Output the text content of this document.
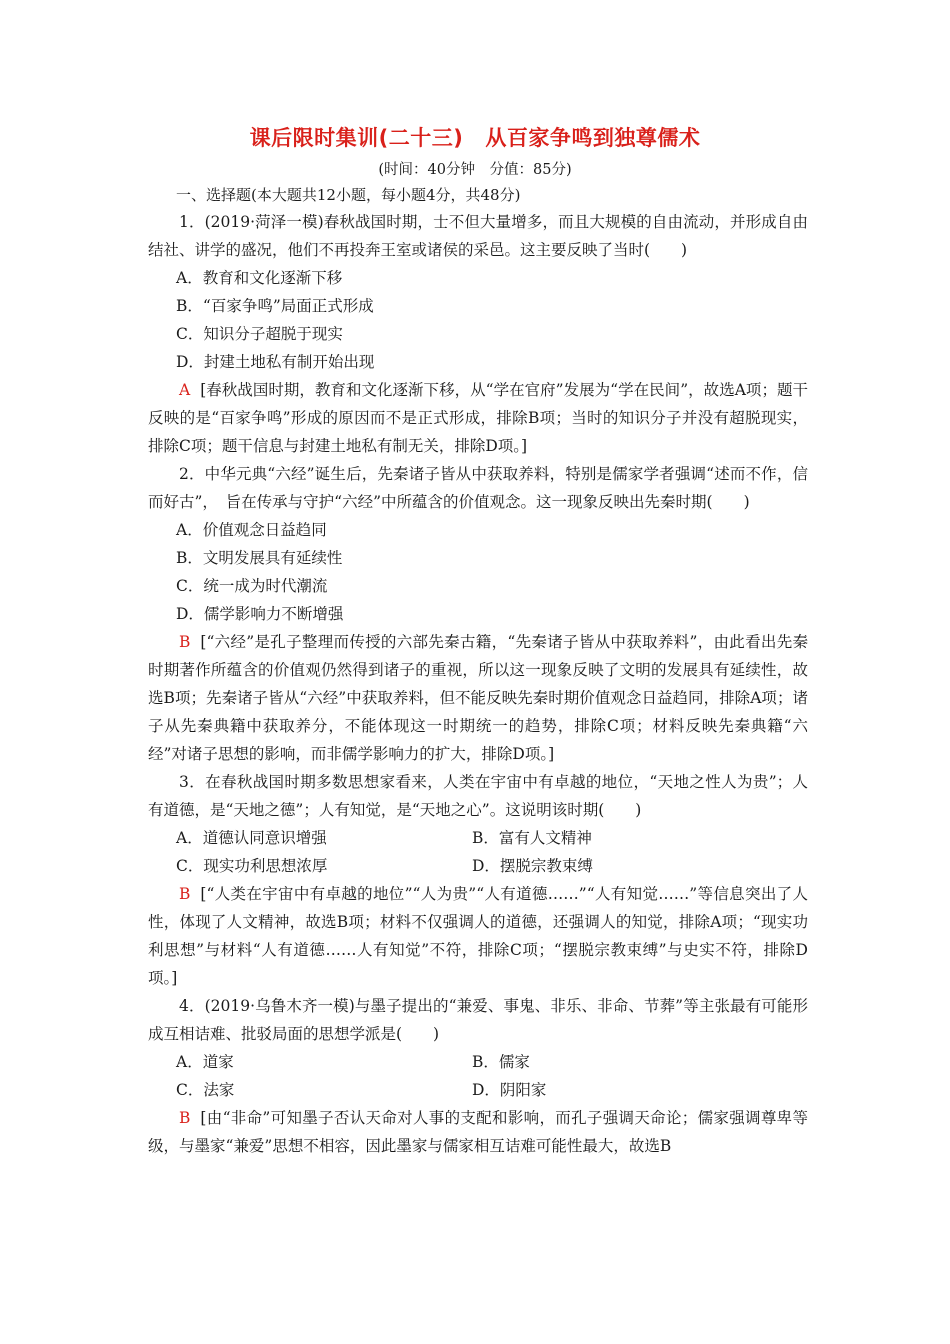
课后限时集训(二十三) 从百家争鸣到独尊儒术
(时间：40分钟　分值：85分)
一、选择题(本大题共12小题，每小题4分，共48分)

1．(2019·菏泽一模)春秋战国时期，士不但大量增多，而且大规模的自由流动，并形成自由结社、讲学的盛况，他们不再投奔王室或诸侯的采邑。这主要反映了当时(　　)

A．教育和文化逐渐下移

B．“百家争鸣”局面正式形成

C．知识分子超脱于现实

D．封建土地私有制开始出现

A [春秋战国时期，教育和文化逐渐下移，从“学在官府”发展为“学在民间”，故选A项；题干反映的是“百家争鸣”形成的原因而不是正式形成，排除B项；当时的知识分子并没有超脱现实，排除C项；题干信息与封建土地私有制无关，排除D项。]

2．中华元典“六经”诞生后，先秦诸子皆从中获取养料，特别是儒家学者强调“述而不作，信而好古”，　旨在传承与守护“六经”中所蕴含的价值观念。这一现象反映出先秦时期(　　)

A．价值观念日益趋同

B．文明发展具有延续性

C．统一成为时代潮流

D．儒学影响力不断增强

B [“六经”是孔子整理而传授的六部先秦古籍，“先秦诸子皆从中获取养料”，由此看出先秦时期著作所蕴含的价值观仍然得到诸子的重视，所以这一现象反映了文明的发展具有延续性，故选B项；先秦诸子皆从“六经”中获取养料，但不能反映先秦时期价值观念日益趋同，排除A项；诸子从先秦典籍中获取养分，不能体现这一时期统一的趋势，排除C项；材料反映先秦典籍“六经”对诸子思想的影响，而非儒学影响力的扩大，排除D项。]

3．在春秋战国时期多数思想家看来，人类在宇宙中有卓越的地位，“天地之性人为贵”；人有道德，是“天地之德”；人有知觉，是“天地之心”。这说明该时期(　　)

A．道德认同意识增强	B．富有人文精神
C．现实功利思想浓厚	D．摆脱宗教束缚

B [“人类在宇宙中有卓越的地位”“人为贵”“人有道德……”“人有知觉……”等信息突出了人性，体现了人文精神，故选B项；材料不仅强调人的道德，还强调人的知觉，排除A项；“现实功利思想”与材料“人有道德……人有知觉”不符，排除C项；“摆脱宗教束缚”与史实不符，排除D项。]

4．(2019·乌鲁木齐一模)与墨子提出的“兼爱、事鬼、非乐、非命、节葬”等主张最有可能形成互相诘难、批驳局面的思想学派是(　　)

A．道家	B．儒家
C．法家	D．阴阳家

B [由“非命”可知墨子否认天命对人事的支配和影响，而孔子强调天命论；儒家强调尊卑等级，与墨家“兼爱”思想不相容，因此墨家与儒家相互诘难可能性最大，故选B
